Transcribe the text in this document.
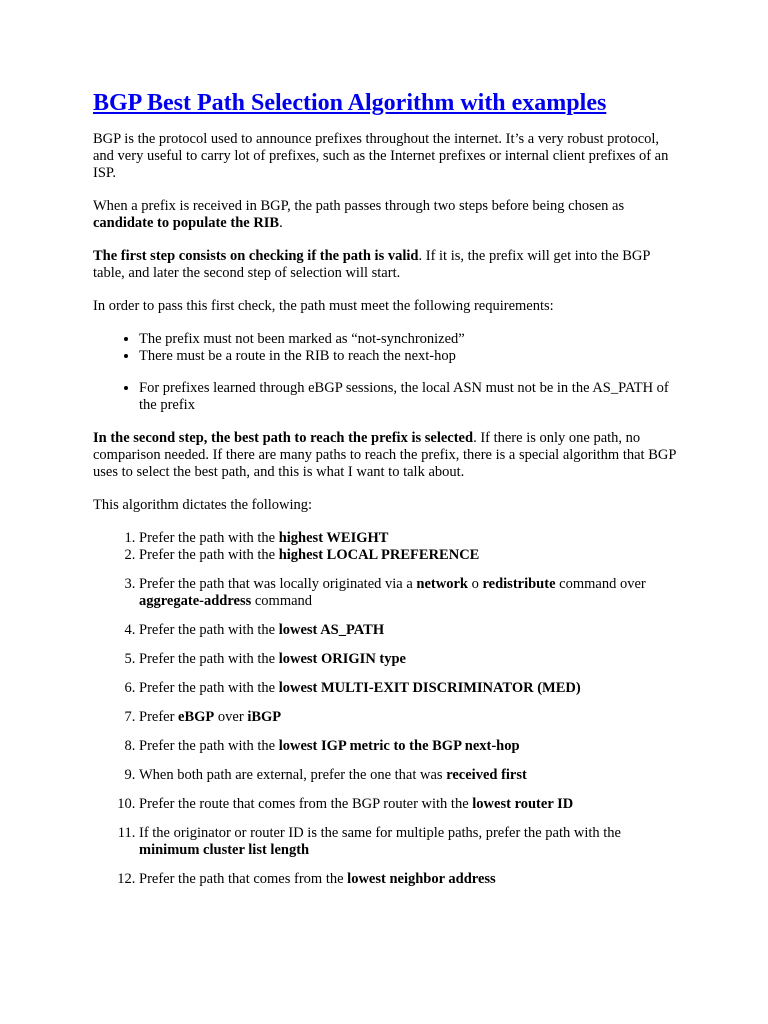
BGP Best Path Selection Algorithm with examples

BGP is the protocol used to announce prefixes throughout the internet. It’s a very robust protocol, and very useful to carry lot of prefixes, such as the Internet prefixes or internal client prefixes of an ISP.

When a prefix is received in BGP, the path passes through two steps before being chosen as candidate to populate the RIB.

The first step consists on checking if the path is valid. If it is, the prefix will get into the BGP table, and later the second step of selection will start.

In order to pass this first check, the path must meet the following requirements:

• The prefix must not been marked as “not-synchronized”
• There must be a route in the RIB to reach the next-hop
• For prefixes learned through eBGP sessions, the local ASN must not be in the AS_PATH of the prefix

In the second step, the best path to reach the prefix is selected. If there is only one path, no comparison needed. If there are many paths to reach the prefix, there is a special algorithm that BGP uses to select the best path, and this is what I want to talk about.

This algorithm dictates the following:

1. Prefer the path with the highest WEIGHT
2. Prefer the path with the highest LOCAL PREFERENCE
3. Prefer the path that was locally originated via a network o redistribute command over aggregate-address command
4. Prefer the path with the lowest AS_PATH
5. Prefer the path with the lowest ORIGIN type
6. Prefer the path with the lowest MULTI-EXIT DISCRIMINATOR (MED)
7. Prefer eBGP over iBGP
8. Prefer the path with the lowest IGP metric to the BGP next-hop
9. When both path are external, prefer the one that was received first
10. Prefer the route that comes from the BGP router with the lowest router ID
11. If the originator or router ID is the same for multiple paths, prefer the path with the minimum cluster list length
12. Prefer the path that comes from the lowest neighbor address
